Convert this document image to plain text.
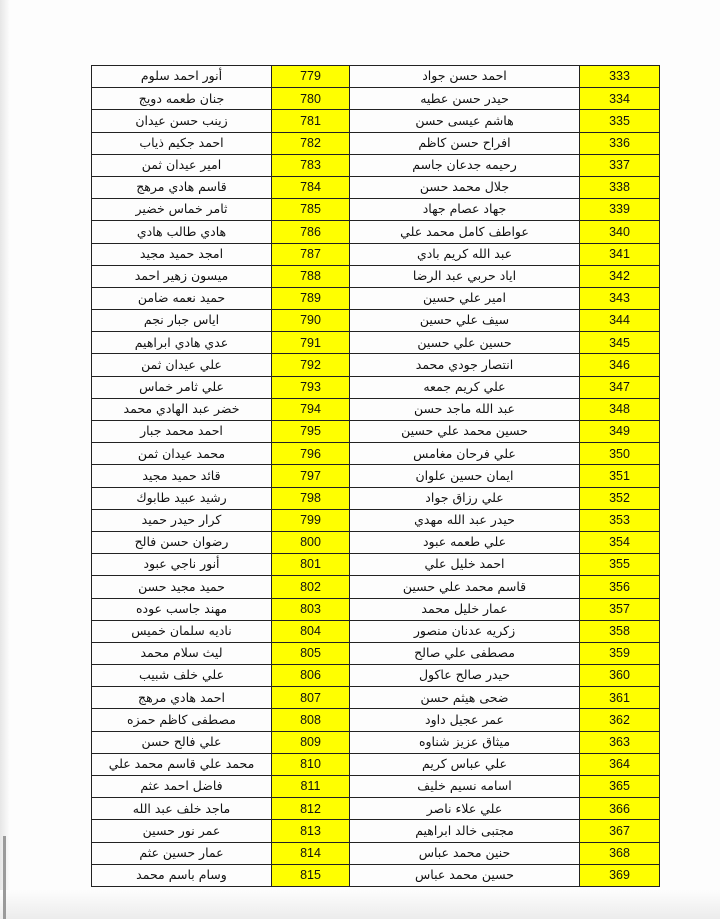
أنور احمد سلوم	779	احمد حسن جواد	333
جنان طعمه دويج	780	حيدر حسن عطيه	334
زينب حسن عيدان	781	هاشم عيسى حسن	335
احمد جكيم ذياب	782	افراح حسن كاظم	336
امير عيدان ثمن	783	رحيمه جدعان جاسم	337
قاسم هادي مرهج	784	جلال محمد حسن	338
ثامر خماس خضير	785	جهاد عصام جهاد	339
هادي طالب هادي	786	عواطف كامل محمد علي	340
امجد حميد مجيد	787	عبد الله كريم بادي	341
ميسون زهير احمد	788	اياد حربي عبد الرضا	342
حميد نعمه ضامن	789	امير علي حسين	343
اياس جبار نجم	790	سيف علي حسين	344
عدي هادي ابراهيم	791	حسين علي حسين	345
علي عيدان ثمن	792	انتصار جودي محمد	346
علي ثامر خماس	793	علي كريم جمعه	347
خضر عبد الهادي محمد	794	عبد الله ماجد حسن	348
احمد محمد جبار	795	حسين محمد علي حسين	349
محمد عيدان ثمن	796	علي فرحان مغامس	350
قائد حميد مجيد	797	ايمان حسين علوان	351
رشيد عبيد طابوك	798	علي رزاق جواد	352
كرار حيدر حميد	799	حيدر عبد الله مهدي	353
رضوان حسن فالح	800	علي طعمه عبود	354
أنور ناجي عبود	801	احمد خليل علي	355
حميد مجيد حسن	802	قاسم محمد علي حسين	356
مهند جاسب عوده	803	عمار خليل محمد	357
ناديه سلمان خميس	804	زكريه عدنان منصور	358
ليث سلام محمد	805	مصطفى علي صالح	359
علي خلف شبيب	806	حيدر صالح عاكول	360
احمد هادي مرهج	807	ضحى هيثم حسن	361
مصطفى كاظم حمزه	808	عمر عجيل داود	362
علي فالح حسن	809	ميثاق عزيز شناوه	363
محمد علي قاسم محمد علي	810	علي عباس كريم	364
فاضل احمد عثم	811	اسامه نسيم خليف	365
ماجد خلف عبد الله	812	علي علاء ناصر	366
عمر نور حسين	813	مجتبى خالد ابراهيم	367
عمار حسين عثم	814	حنين محمد عباس	368
وسام باسم محمد	815	حسين محمد عباس	369
